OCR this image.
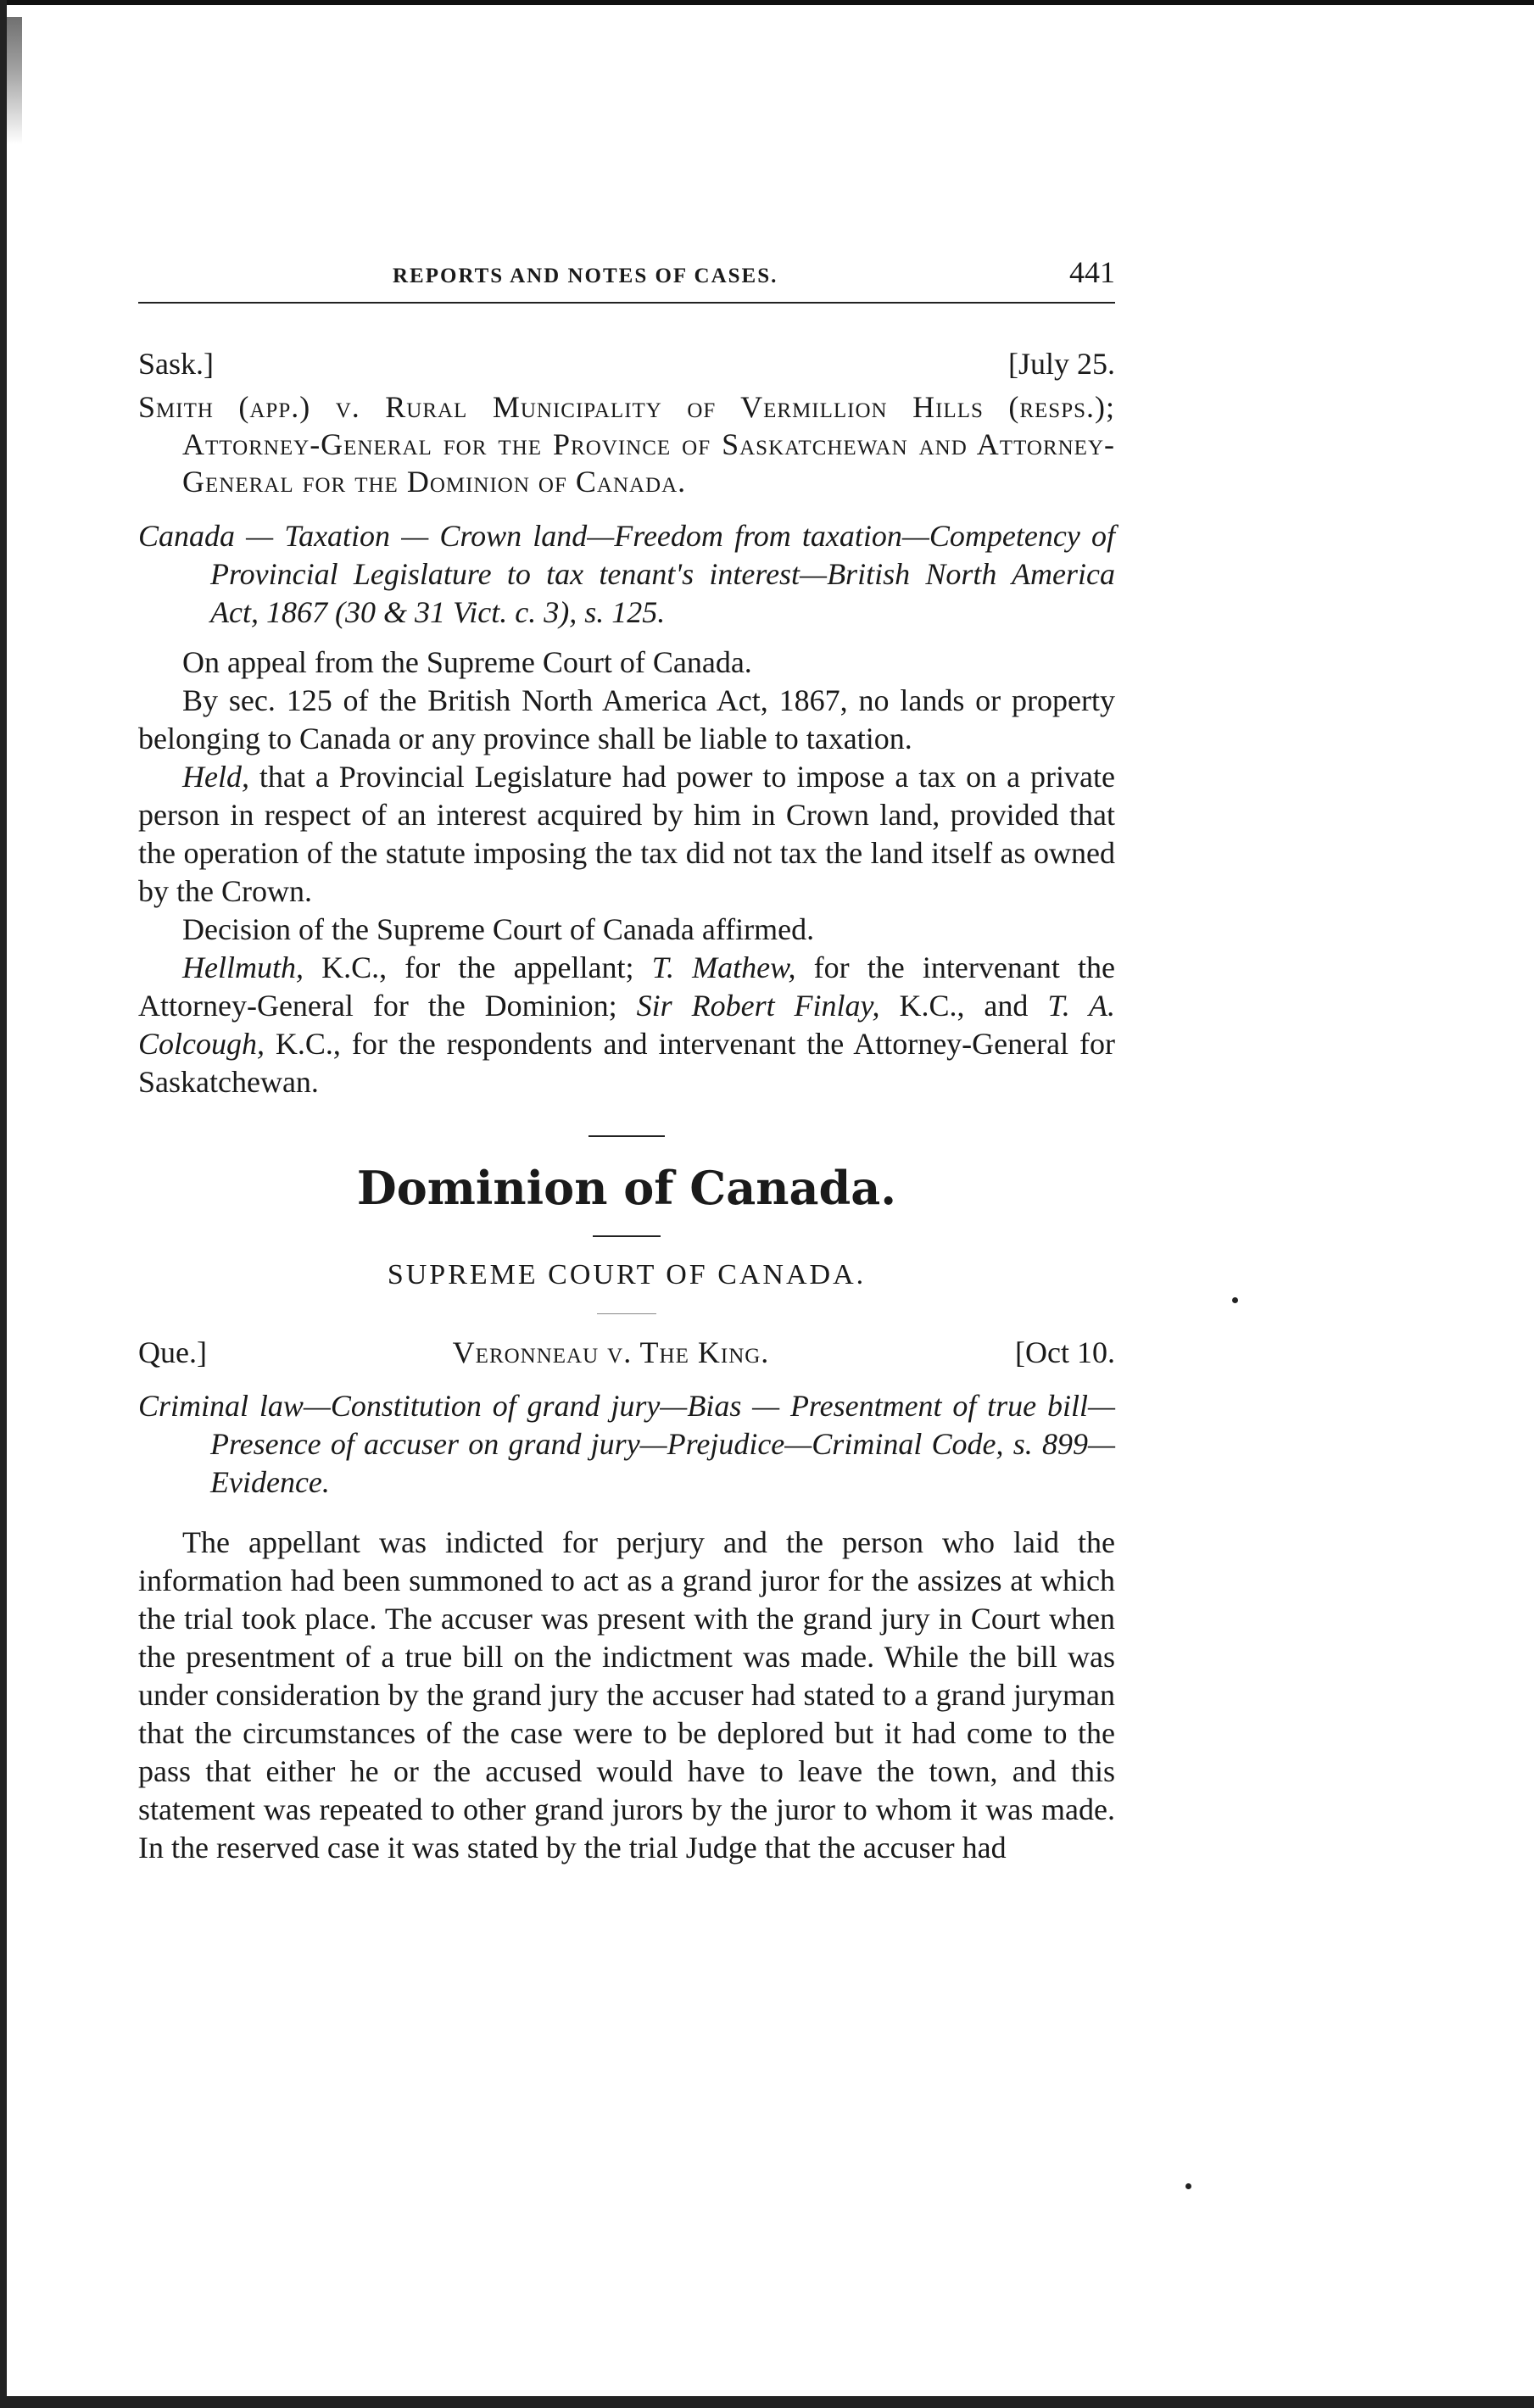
REPORTS AND NOTES OF CASES.	441
Sask.]	[July 25.
Smith (app.) v. Rural Municipality of Vermillion Hills (resps.); Attorney-General for the Province of Saskatchewan and Attorney-General for the Dominion of Canada.
Canada — Taxation — Crown land—Freedom from taxation—Competency of Provincial Legislature to tax tenant's interest—British North America Act, 1867 (30 & 31 Vict. c. 3), s. 125.

On appeal from the Supreme Court of Canada.

By sec. 125 of the British North America Act, 1867, no lands or property belonging to Canada or any province shall be liable to taxation.

Held, that a Provincial Legislature had power to impose a tax on a private person in respect of an interest acquired by him in Crown land, provided that the operation of the statute imposing the tax did not tax the land itself as owned by the Crown.

Decision of the Supreme Court of Canada affirmed.

Hellmuth, K.C., for the appellant; T. Mathew, for the intervenant the Attorney-General for the Dominion; Sir Robert Finlay, K.C., and T. A. Colcough, K.C., for the respondents and intervenant the Attorney-General for Saskatchewan.

Dominion of Canada.
SUPREME COURT OF CANADA.
Que.]	Veronneau v. The King.	[Oct 10.
Criminal law—Constitution of grand jury—Bias — Presentment of true bill—Presence of accuser on grand jury—Prejudice—Criminal Code, s. 899—Evidence.

The appellant was indicted for perjury and the person who laid the information had been summoned to act as a grand juror for the assizes at which the trial took place. The accuser was present with the grand jury in Court when the presentment of a true bill on the indictment was made. While the bill was under consideration by the grand jury the accuser had stated to a grand juryman that the circumstances of the case were to be deplored but it had come to the pass that either he or the accused would have to leave the town, and this statement was repeated to other grand jurors by the juror to whom it was made. In the reserved case it was stated by the trial Judge that the accuser had
